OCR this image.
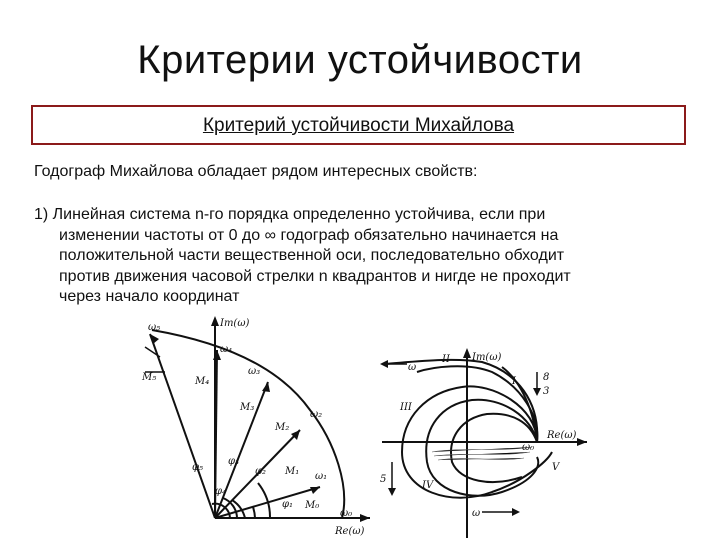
Критерии устойчивости
Критерий устойчивости Михайлова
Годограф Михайлова обладает рядом интересных свойств:
1) Линейная система n-го порядка определенно устойчива, если при
изменении частоты от 0 до ∞ годограф обязательно начинается на
положительной части вещественной оси, последовательно обходит
против движения часовой стрелки n квадрантов и нигде не проходит
через начало координат
Im(ω)
Re(ω)
ω₀
ω₁
ω₂
ω₃
ω₄
ω₅
M₁
M₂
M₃
M₄
M₅
M₀
φ₁
φ₂
φ₃
φ₄
φ₅
Im(ω)
Re(ω)
ω₀
I
II
III
IV
V
8
3
5
ω
ω
